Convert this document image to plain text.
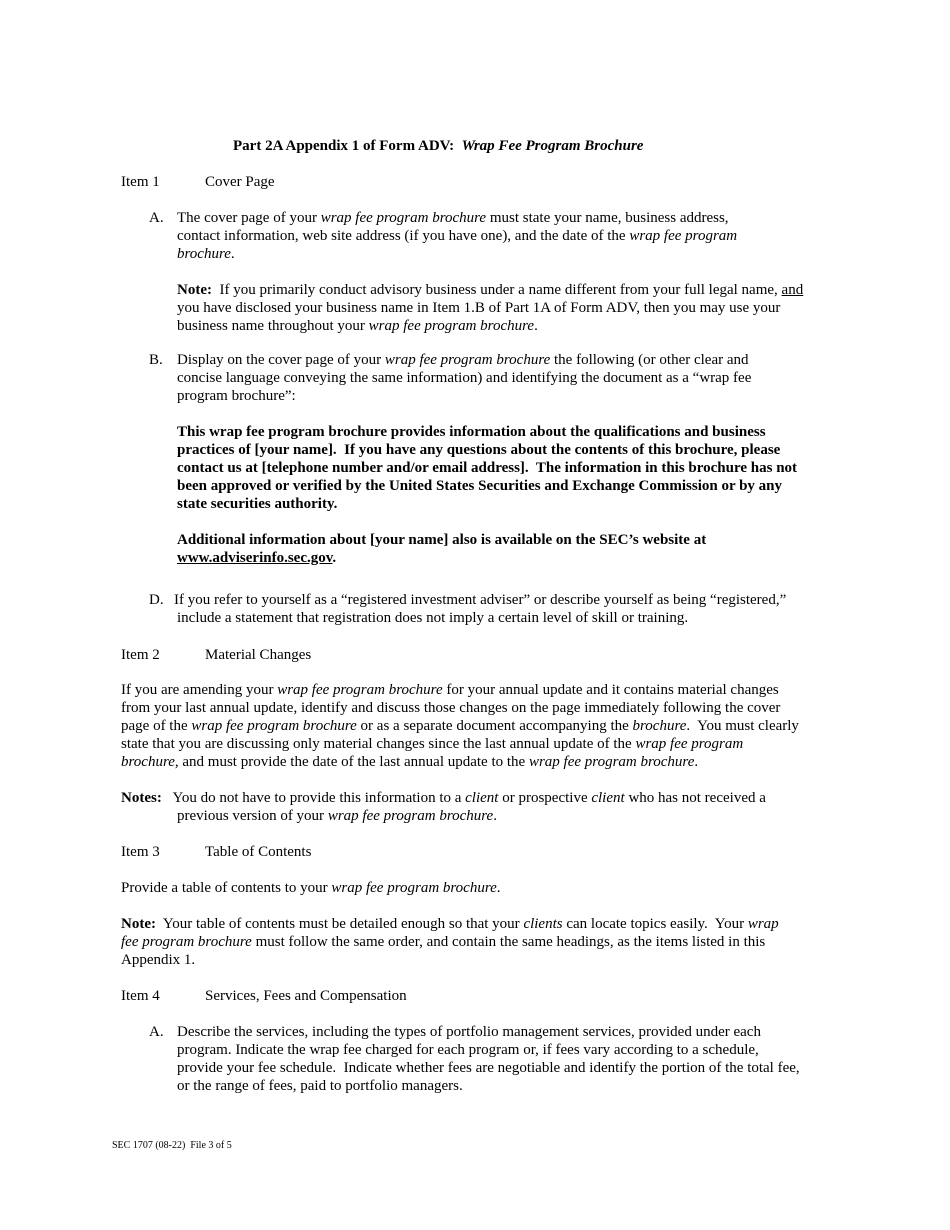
Part 2A Appendix 1 of Form ADV: Wrap Fee Program Brochure
Item 1	Cover Page
A. The cover page of your wrap fee program brochure must state your name, business address,
contact information, web site address (if you have one), and the date of the wrap fee program
brochure.
Note:  If you primarily conduct advisory business under a name different from your full legal name, and
you have disclosed your business name in Item 1.B of Part 1A of Form ADV, then you may use your
business name throughout your wrap fee program brochure.
B. Display on the cover page of your wrap fee program brochure the following (or other clear and
concise language conveying the same information) and identifying the document as a “wrap fee
program brochure”:
This wrap fee program brochure provides information about the qualifications and business
practices of [your name].  If you have any questions about the contents of this brochure, please
contact us at [telephone number and/or email address].  The information in this brochure has not
been approved or verified by the United States Securities and Exchange Commission or by any
state securities authority.
Additional information about [your name] also is available on the SEC’s website at
www.adviserinfo.sec.gov.
D. If you refer to yourself as a “registered investment adviser” or describe yourself as being “registered,”
include a statement that registration does not imply a certain level of skill or training.
Item 2	Material Changes
If you are amending your wrap fee program brochure for your annual update and it contains material changes
from your last annual update, identify and discuss those changes on the page immediately following the cover
page of the wrap fee program brochure or as a separate document accompanying the brochure.  You must clearly
state that you are discussing only material changes since the last annual update of the wrap fee program
brochure, and must provide the date of the last annual update to the wrap fee program brochure.
Notes:   You do not have to provide this information to a client or prospective client who has not received a
previous version of your wrap fee program brochure.
Item 3	Table of Contents
Provide a table of contents to your wrap fee program brochure.
Note:  Your table of contents must be detailed enough so that your clients can locate topics easily.  Your wrap
fee program brochure must follow the same order, and contain the same headings, as the items listed in this
Appendix 1.
Item 4	Services, Fees and Compensation
A. Describe the services, including the types of portfolio management services, provided under each
program. Indicate the wrap fee charged for each program or, if fees vary according to a schedule,
provide your fee schedule.  Indicate whether fees are negotiable and identify the portion of the total fee,
or the range of fees, paid to portfolio managers.
SEC 1707 (08-22)  File 3 of 5
